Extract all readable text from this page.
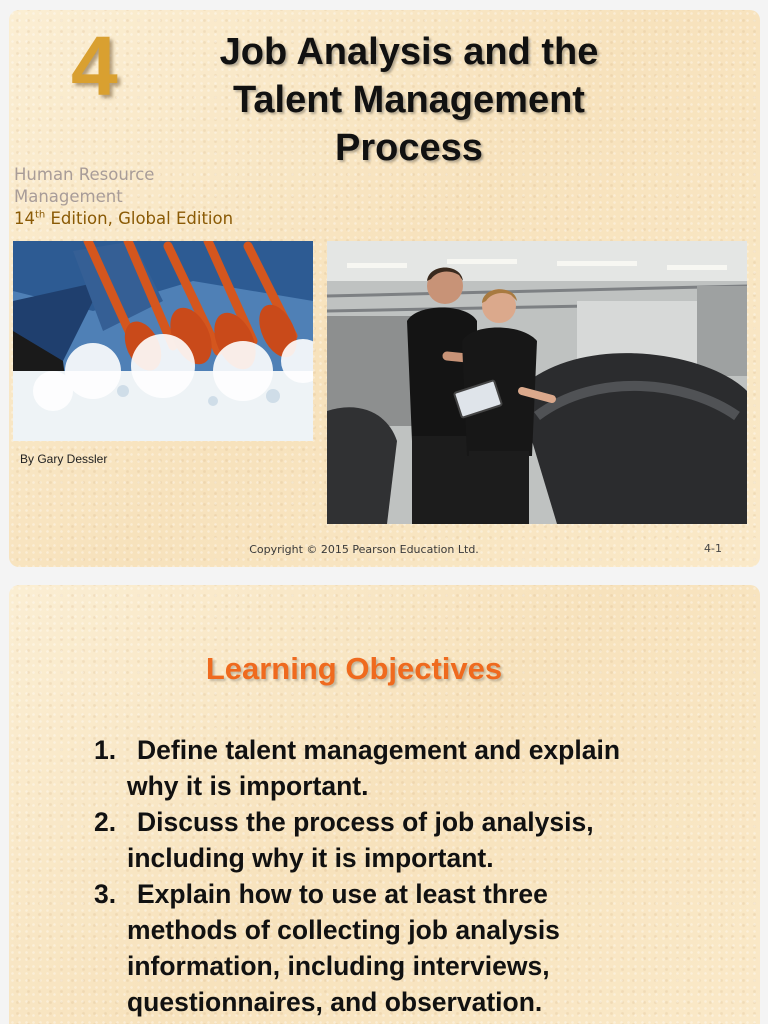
4	Job Analysis and the
Talent Management
Process
Human Resource
Management
14th Edition, Global Edition
By Gary Dessler
Copyright © 2015 Pearson Education Ltd.	4-1
Learning Objectives
1. Define talent management and explain
why it is important.
2. Discuss the process of job analysis,
including why it is important.
3. Explain how to use at least three
methods of collecting job analysis
information, including interviews,
questionnaires, and observation.
